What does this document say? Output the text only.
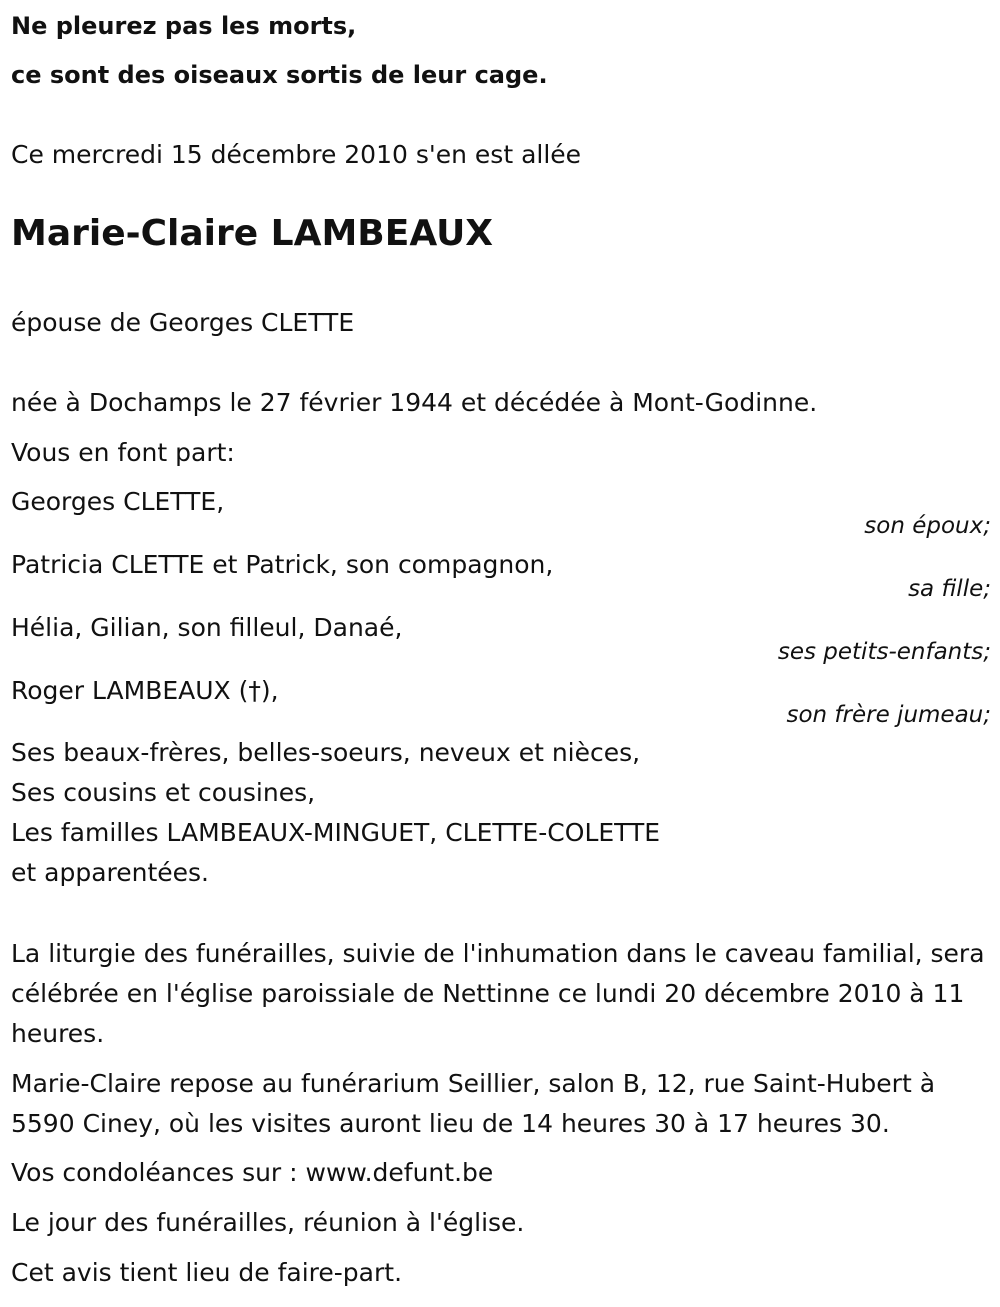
Ne pleurez pas les morts,
ce sont des oiseaux sortis de leur cage.
Ce mercredi 15 décembre 2010 s'en est allée
Marie-Claire LAMBEAUX
épouse de Georges CLETTE
née à Dochamps le 27 février 1944 et décédée à Mont-Godinne.
Vous en font part:
Georges CLETTE,
son époux;
Patricia CLETTE et Patrick, son compagnon,
sa fille;
Hélia, Gilian, son filleul, Danaé,
ses petits-enfants;
Roger LAMBEAUX (†),
son frère jumeau;
Ses beaux-frères, belles-soeurs, neveux et nièces,
Ses cousins et cousines,
Les familles LAMBEAUX-MINGUET, CLETTE-COLETTE
et apparentées.
La liturgie des funérailles, suivie de l'inhumation dans le caveau familial, sera célébrée en l'église paroissiale de Nettinne ce lundi 20 décembre 2010 à 11 heures.
Marie-Claire repose au funérarium Seillier, salon B, 12, rue Saint-Hubert à 5590 Ciney, où les visites auront lieu de 14 heures 30 à 17 heures 30.
Vos condoléances sur : www.defunt.be
Le jour des funérailles, réunion à l'église.
Cet avis tient lieu de faire-part.
